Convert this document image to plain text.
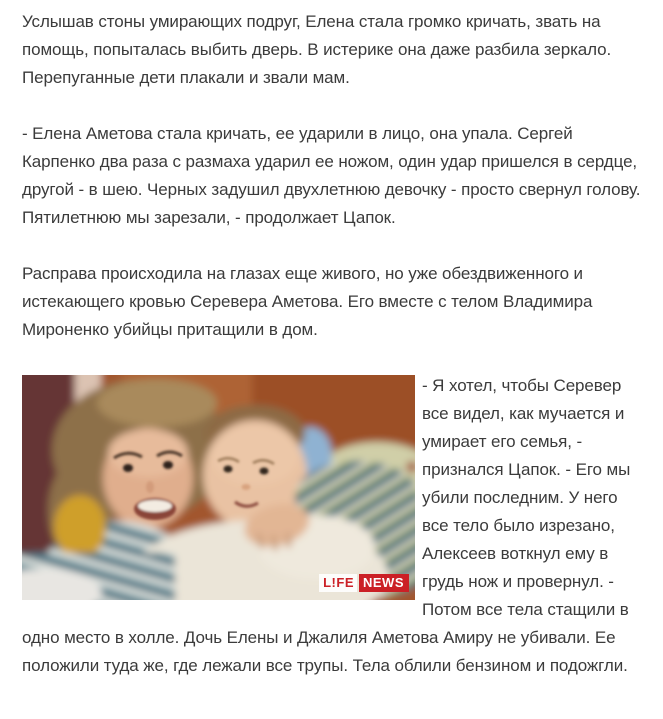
Услышав стоны умирающих подруг, Елена стала громко кричать, звать на помощь, попыталась выбить дверь. В истерике она даже разбила зеркало. Перепуганные дети плакали и звали мам.

- Елена Аметова стала кричать, ее ударили в лицо, она упала. Сергей Карпенко два раза с размаха ударил ее ножом, один удар пришелся в сердце, другой - в шею. Черных задушил двухлетнюю девочку - просто свернул голову. Пятилетнюю мы зарезали, - продолжает Цапок.

Расправа происходила на глазах еще живого, но уже обездвиженного и истекающего кровью Серевера Аметова. Его вместе с телом Владимира Мироненко убийцы притащили в дом.

L!FE NEWS
- Я хотел, чтобы Серевер все видел, как мучается и умирает его семья, - признался Цапок. - Его мы убили последним. У него все тело было изрезано, Алексеев воткнул ему в грудь нож и провернул. - Потом все тела стащили в одно место в холле. Дочь Елены и Джалиля Аметова Амиру не убивали. Ее положили туда же, где лежали все трупы. Тела облили бензином и подожгли.
